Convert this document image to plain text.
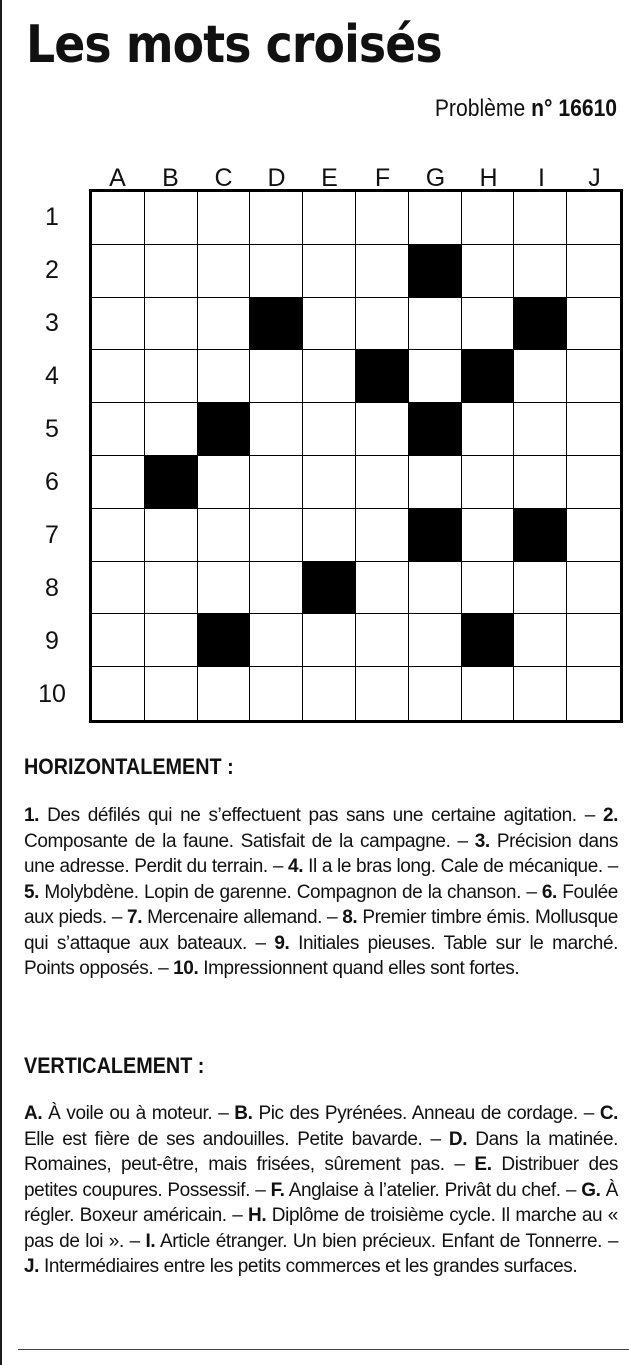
Les mots croisés
Problème n° 16610
A	B	C	D	E	F	G	H	I	J
1
2
3
4
5
6
7
8
9
10
HORIZONTALEMENT :

1. Des défilés qui ne s’effectuent pas sans une certaine agitation. – 2. Composante de la faune. Satisfait de la campagne. – 3. Précision dans une adresse. Perdit du terrain. – 4. Il a le bras long. Cale de mécanique. – 5. Molybdène. Lopin de garenne. Compagnon de la chanson. – 6. Foulée aux pieds. – 7. Mercenaire allemand. – 8. Premier timbre émis. Mollusque qui s’attaque aux bateaux. – 9. Initiales pieuses. Table sur le marché. Points opposés. – 10. Impressionnent quand elles sont fortes.

VERTICALEMENT :

A. À voile ou à moteur. – B. Pic des Pyrénées. Anneau de cordage. – C. Elle est fière de ses andouilles. Petite bavarde. – D. Dans la matinée. Romaines, peut-être, mais frisées, sûrement pas. – E. Distribuer des petites coupures. Possessif. – F. Anglaise à l’atelier. Privât du chef. – G. À régler. Boxeur américain. – H. Diplôme de troisième cycle. Il marche au « pas de loi ». – I. Article étranger. Un bien précieux. Enfant de Tonnerre. – J. Intermédiaires entre les petits commerces et les grandes surfaces.
